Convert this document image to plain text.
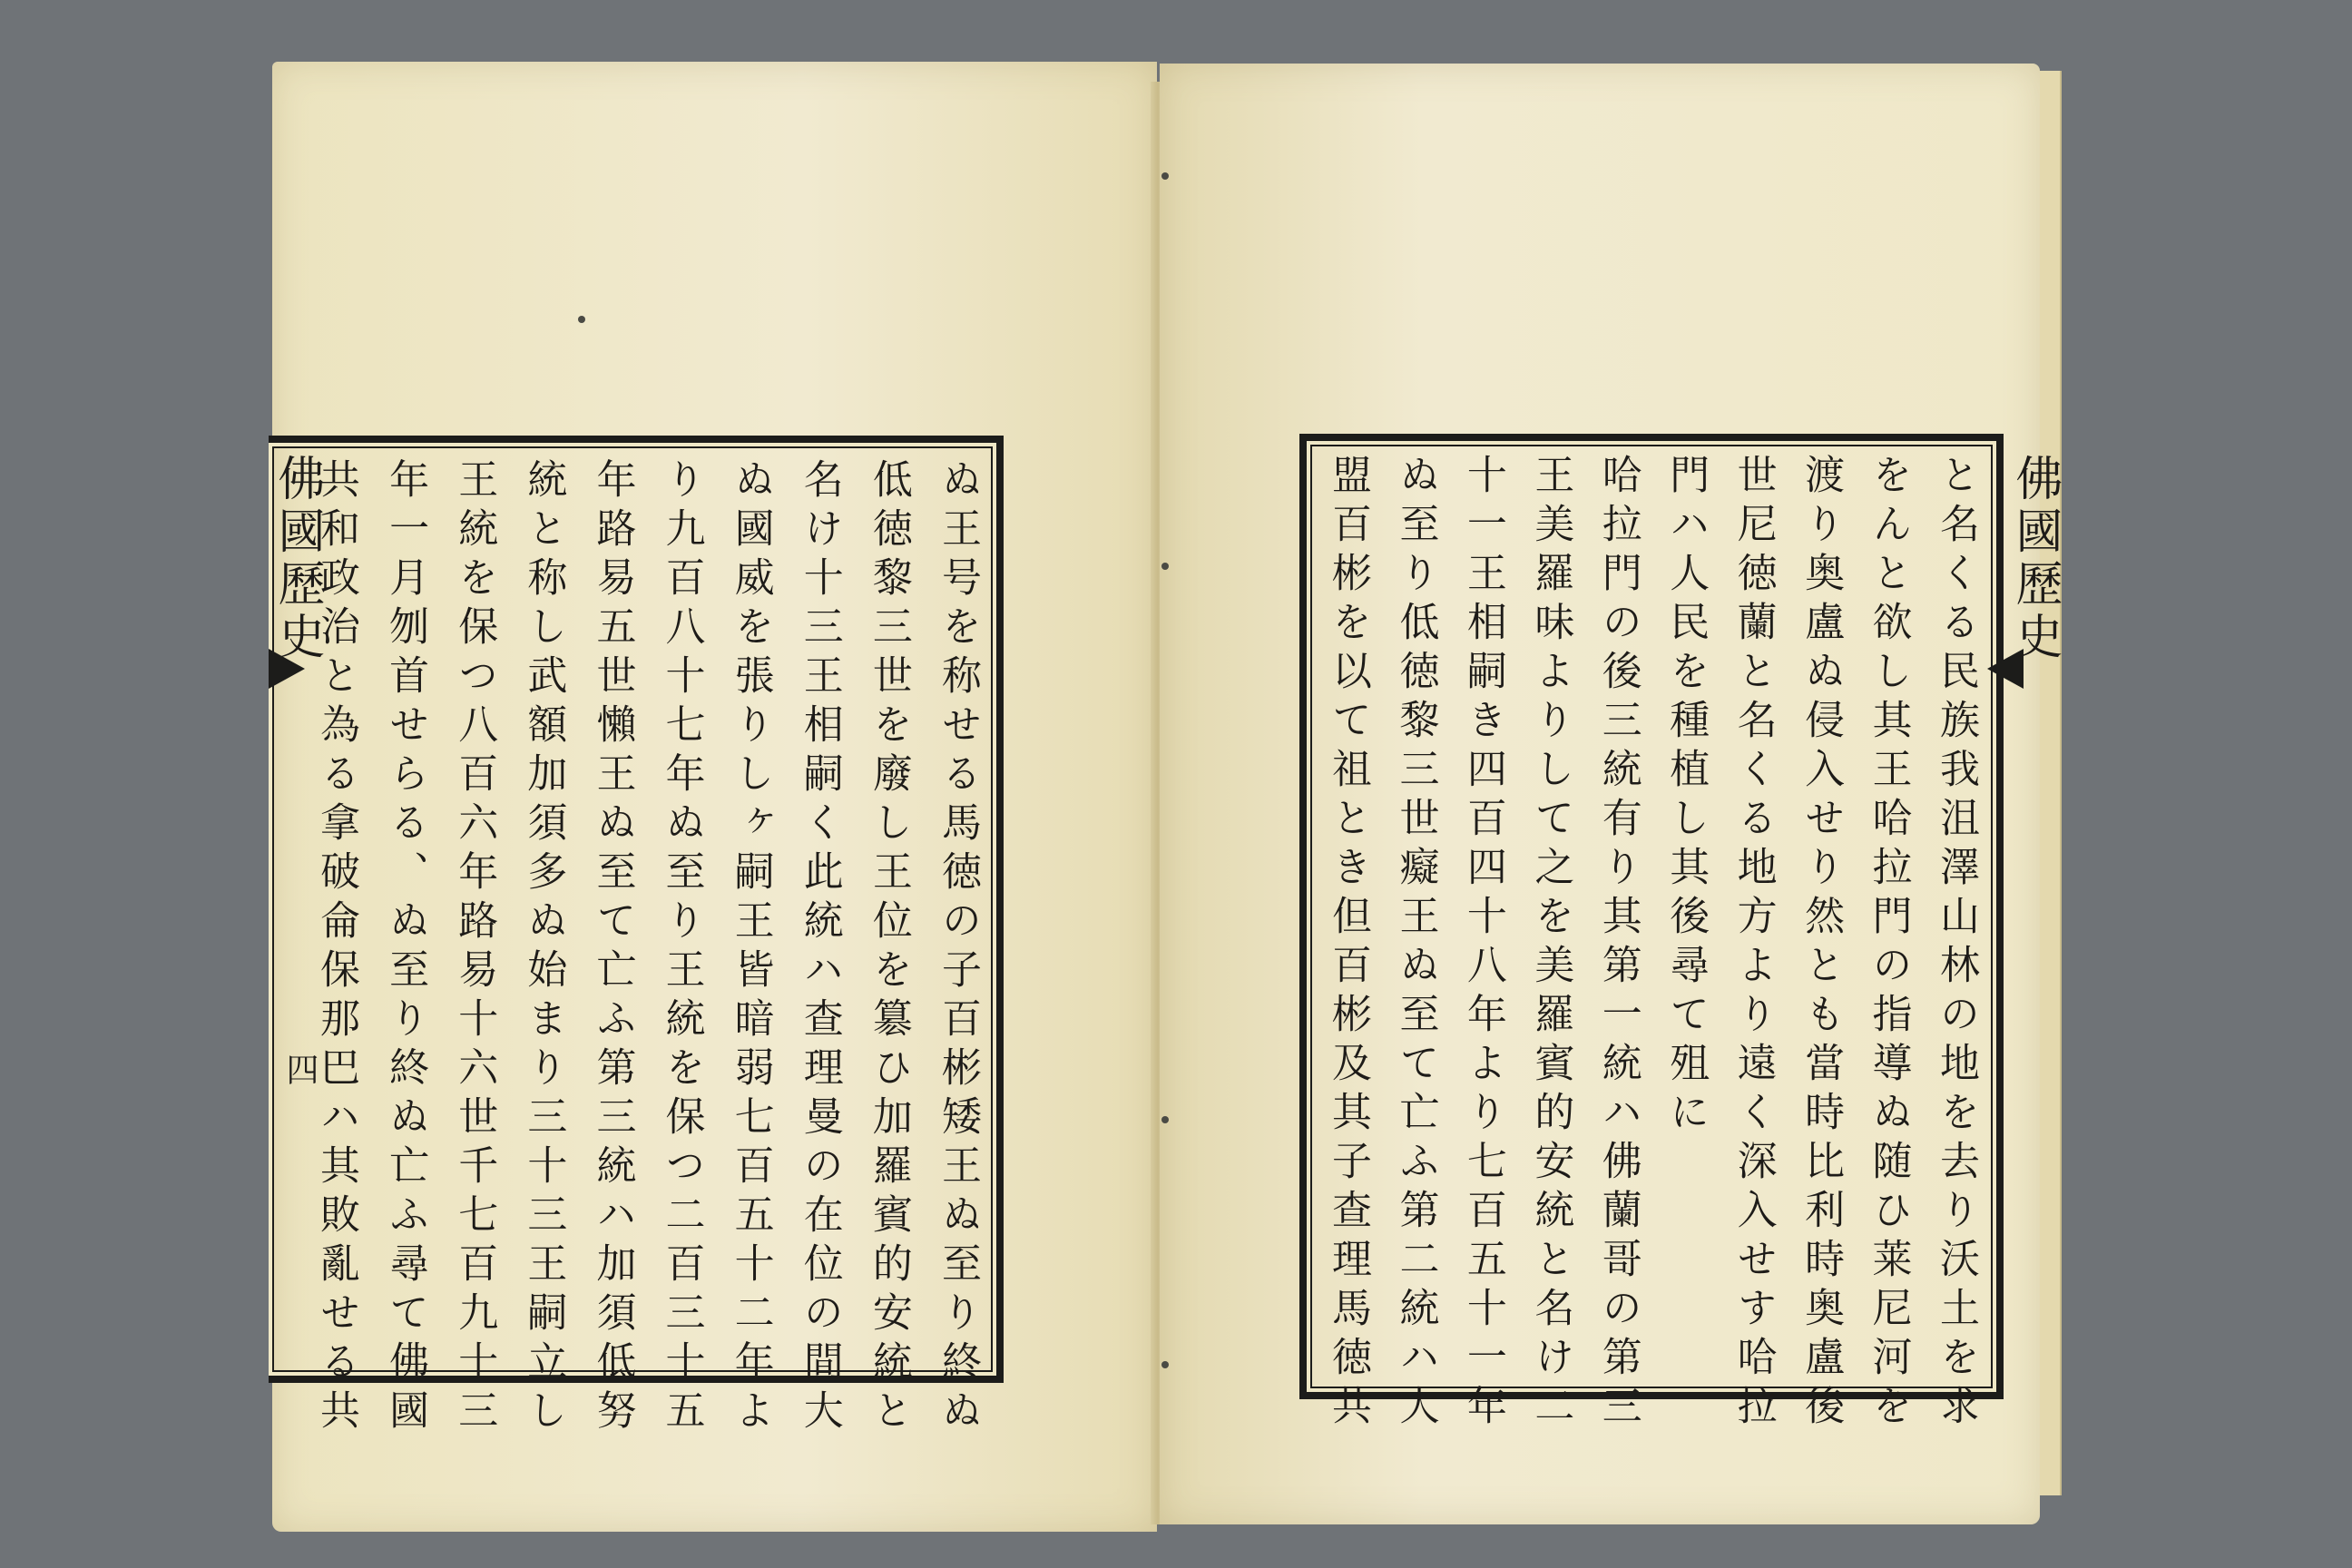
佛國歷史
四	ぬ王号を称せる馬徳の子百彬矮王ぬ至り終ぬ
低徳黎三世を廢し王位を簒ひ加羅賓的安統と
名け十三王相嗣く此統ハ查理曼の在位の間大
ぬ國威を張りしヶ嗣王皆暗弱七百五十二年よ
り九百八十七年ぬ至り王統を保つ二百三十五
年路易五世懶王ぬ至て亡ふ第三統ハ加須低努
統と称し武額加須多ぬ始まり三十三王嗣立し
王統を保つ八百六年路易十六世千七百九十三
年一月刎首せらる、ぬ至り終ぬ亡ふ尋て佛國
共和政治と為る拿破侖保那巴ハ其敗亂せる共	佛國歷史
と名くる民族我沮澤山林の地を去り沃土を求
をんと欲し其王哈拉門の指導ぬ随ひ莱尼河を
渡り奥盧ぬ侵入せり然とも當時比利時奥盧後
世尼徳蘭と名くる地方より遠く深入せす哈拉
門ハ人民を種植し其後尋て殂に
哈拉門の後三統有り其第一統ハ佛蘭哥の第三
王美羅味よりして之を美羅賓的安統と名け二
十一王相嗣き四百四十八年より七百五十一年
ぬ至り低徳黎三世癡王ぬ至て亡ふ第二統ハ大
盟百彬を以て祖とき但百彬及其子查理馬徳共
